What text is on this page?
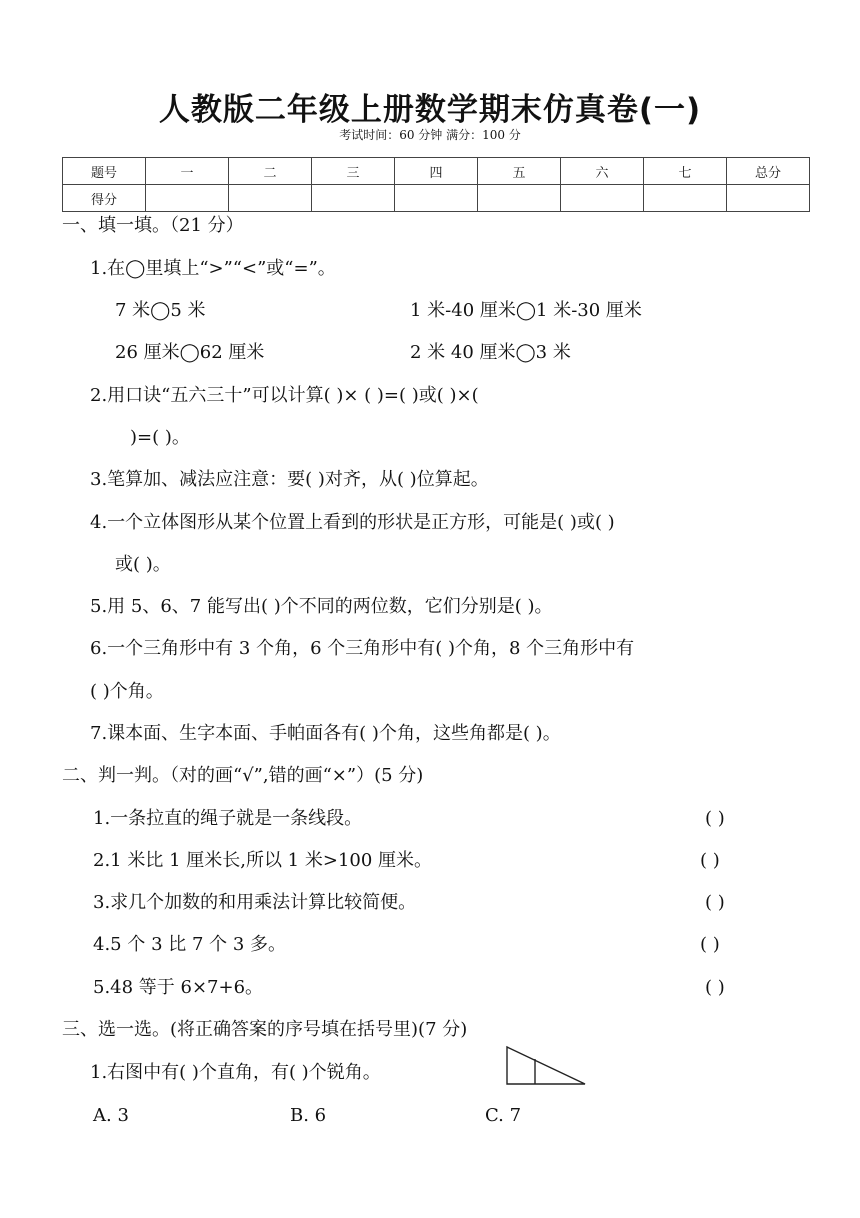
人教版二年级上册数学期末仿真卷(一)
考试时间：60 分钟 满分：100 分
题号	一	二	三	四	五	六	七	总分
得分								
一、填一填。（21 分）
1.在◯里填上“>”“<”或“=”。
7 米◯5 米	1 米-40 厘米◯1 米-30 厘米
26 厘米◯62 厘米	2 米 40 厘米◯3 米
2.用口诀“五六三十”可以计算( )× ( )=( )或( )×(
)=( )。
3.笔算加、减法应注意：要( )对齐，从( )位算起。
4.一个立体图形从某个位置上看到的形状是正方形，可能是( )或( )
或( )。
5.用 5、6、7 能写出( )个不同的两位数，它们分别是( )。
6.一个三角形中有 3 个角，6 个三角形中有( )个角，8 个三角形中有
( )个角。
7.课本面、生字本面、手帕面各有( )个角，这些角都是( )。
二、判一判。（对的画“√”,错的画“×”）(5 分)
1.一条拉直的绳子就是一条线段。	( )
2.1 米比 1 厘米长,所以 1 米>100 厘米。	( )
3.求几个加数的和用乘法计算比较简便。	( )
4.5 个 3 比 7 个 3 多。	( )
5.48 等于 6×7+6。	( )
三、选一选。(将正确答案的序号填在括号里)(7 分)
1.右图中有( )个直角，有( )个锐角。
A. 3	B. 6	C. 7
